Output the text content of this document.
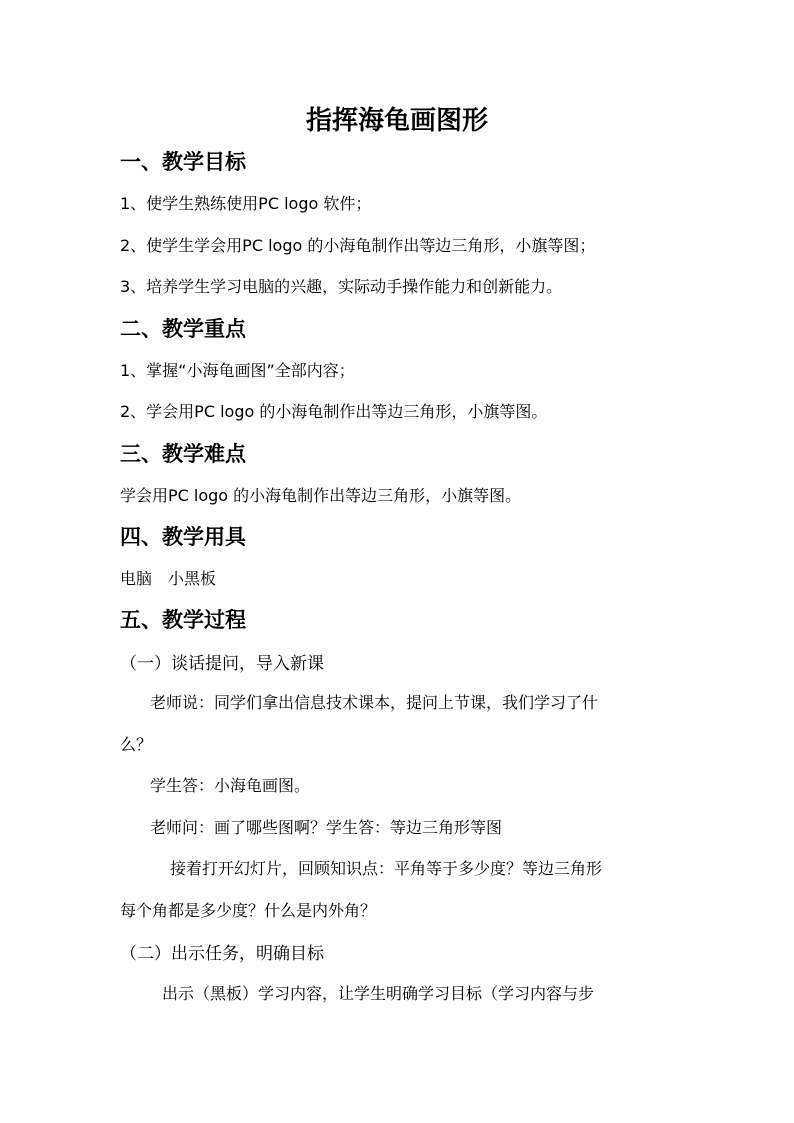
指挥海龟画图形
一、教学目标
1、使学生熟练使用PC logo 软件；
2、使学生学会用PC logo 的小海龟制作出等边三角形，小旗等图；
3、培养学生学习电脑的兴趣，实际动手操作能力和创新能力。
二、教学重点
1、掌握“小海龟画图”全部内容；
2、学会用PC logo 的小海龟制作出等边三角形，小旗等图。
三、教学难点
学会用PC logo 的小海龟制作出等边三角形，小旗等图。
四、教学用具
电脑　小黑板
五、教学过程
（一）谈话提问，导入新课
老师说：同学们拿出信息技术课本，提问上节课，我们学习了什
么？
学生答：小海龟画图。
老师问：画了哪些图啊？学生答：等边三角形等图
接着打开幻灯片，回顾知识点：平角等于多少度？等边三角形
每个角都是多少度？什么是内外角？
（二）出示任务，明确目标
出示（黑板）学习内容，让学生明确学习目标（学习内容与步
